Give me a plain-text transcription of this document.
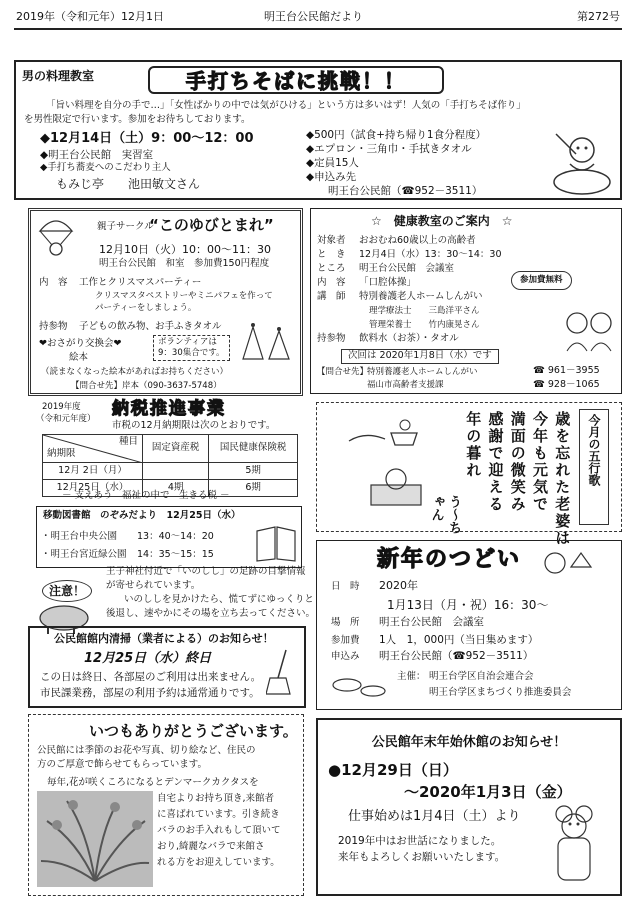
2019年（令和元年）12月1日	明王台公民館だより	第272号
男の料理教室	手打ちそばに挑戦！！
「旨い料理を自分の手で…」「女性ばかりの中では気がひける」という方は多いはず！人気の「手打ちそば作り」
を男性限定で行います。参加をお待ちしております。
◆12月14日（土）9：00～12：00
◆明王台公民館　実習室
◆手打ち蕎麦へのこだわり主人
もみじ亭　　池田敏文さん
◆500円（試食+持ち帰り1食分程度）
◆エプロン・三角巾・手拭きタオル
◆定員15人
◆申込み先
明王台公民館（☎952－3511）
親子サークル
“このゆびとまれ”
12月10日（火）10：00～11：30
明王台公民館　和室　参加費150円程度
内　容 工作とクリスマスパーティー
クリスマスタペストリーやミニパフェを作って
パーティーをしましょう。
持参物 子どもの飲み物、お手ふきタオル
❤おさがり交換会❤
絵本
ボランティアは
9：30集合です。
（読まなくなった絵本があればお持ちください）
【問合せ先】岸本（090-3637-5748）
☆　健康教室のご案内　☆
対象者 おおむね60歳以上の高齢者
と　き 12月4日（水）13：30～14：30
ところ 明王台公民館　会議室
内　容 「口腔体操」
講　師 特別養護老人ホームしんがい
理学療法士　　三島洋平さん
管理栄養士　　竹内康晃さん
持参物 飲料水（お茶）・タオル
参加費無料
次回は 2020年1月8日（水）です
【問合せ先】
特別養護老人ホームしんがい
福山市高齢者支援課
☎ 961－3955
☎ 928－1065
2019年度
（令和元年度） 納税推進事業
市税の12月納期限は次のとおりです。
種目
納期限	固定資産税	国民健康保険税
12月 2日（月）		5期
12月25日（水）	4期	6期
－ 支えあう　福祉の中で　生きる税 －
移動図書館　のぞみだより　12月25日（水）
・明王台中央公園 13：40～14：20
・明王台宮近緑公園 14：35～15：15
注意！
王子神社付近で「いのしし」の足跡の目撃情報
が寄せられています。
いのししを見かけたら、慌てずにゆっくりと
後退し、速やかにその場を立ち去ってください。
公民館館内清掃（業者による）のお知らせ！
12月25日（水）終日
この日は終日、各部屋のご利用は出来ません。
市民課業務，部屋の利用予約は通常通りです。
いつもありがとうございます。
公民館には季節のお花や写真、切り絵など、住民の
方のご厚意で飾らせてもらっています。
毎年,花が咲くころになるとデンマークカクタスを
自宅よりお持ち頂き,来館者
に喜ばれています。引き続き
バラのお手入れもして頂いて
おり,綺麗なバラで来館さ
れる方をお迎えしています。
う～ちゃん	歳を忘れた老婆は
今年も元気で
満面の微笑み
感謝で迎える
年の暮れ	今月の五行歌
新年のつどい
日　時 2020年
1月13日（月・祝）16：30～
場　所 明王台公民館　会議室
参加費 1人　1，000円（当日集めます）
申込み 明王台公民館（☎952－3511）
主催： 明王台学区自治会連合会
明王台学区まちづくり推進委員会
公民館年末年始休館のお知らせ！
●12月29日（日）
～2020年1月3日（金）
仕事始めは1月4日（土）より
2019年中はお世話になりました。
来年もよろしくお願いいたします。
